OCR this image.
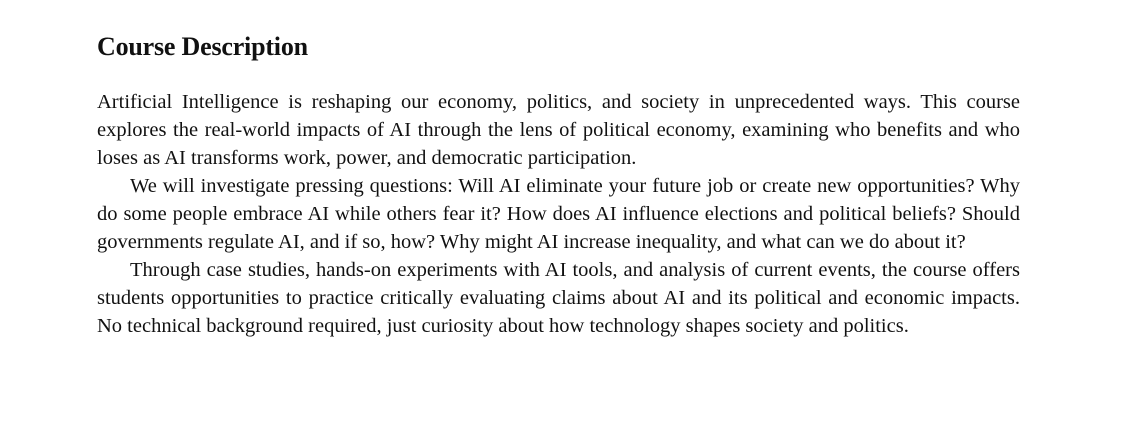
Course Description

Artificial Intelligence is reshaping our economy, politics, and society in unprecedented ways. This course explores the real-world impacts of AI through the lens of political economy, examining who benefits and who loses as AI transforms work, power, and democratic participation.

We will investigate pressing questions: Will AI eliminate your future job or create new opportunities? Why do some people embrace AI while others fear it? How does AI influence elections and political beliefs? Should governments regulate AI, and if so, how? Why might AI increase inequality, and what can we do about it?

Through case studies, hands-on experiments with AI tools, and analysis of current events, the course offers students opportunities to practice critically evaluating claims about AI and its political and economic impacts. No technical background required, just curiosity about how technology shapes society and politics.
